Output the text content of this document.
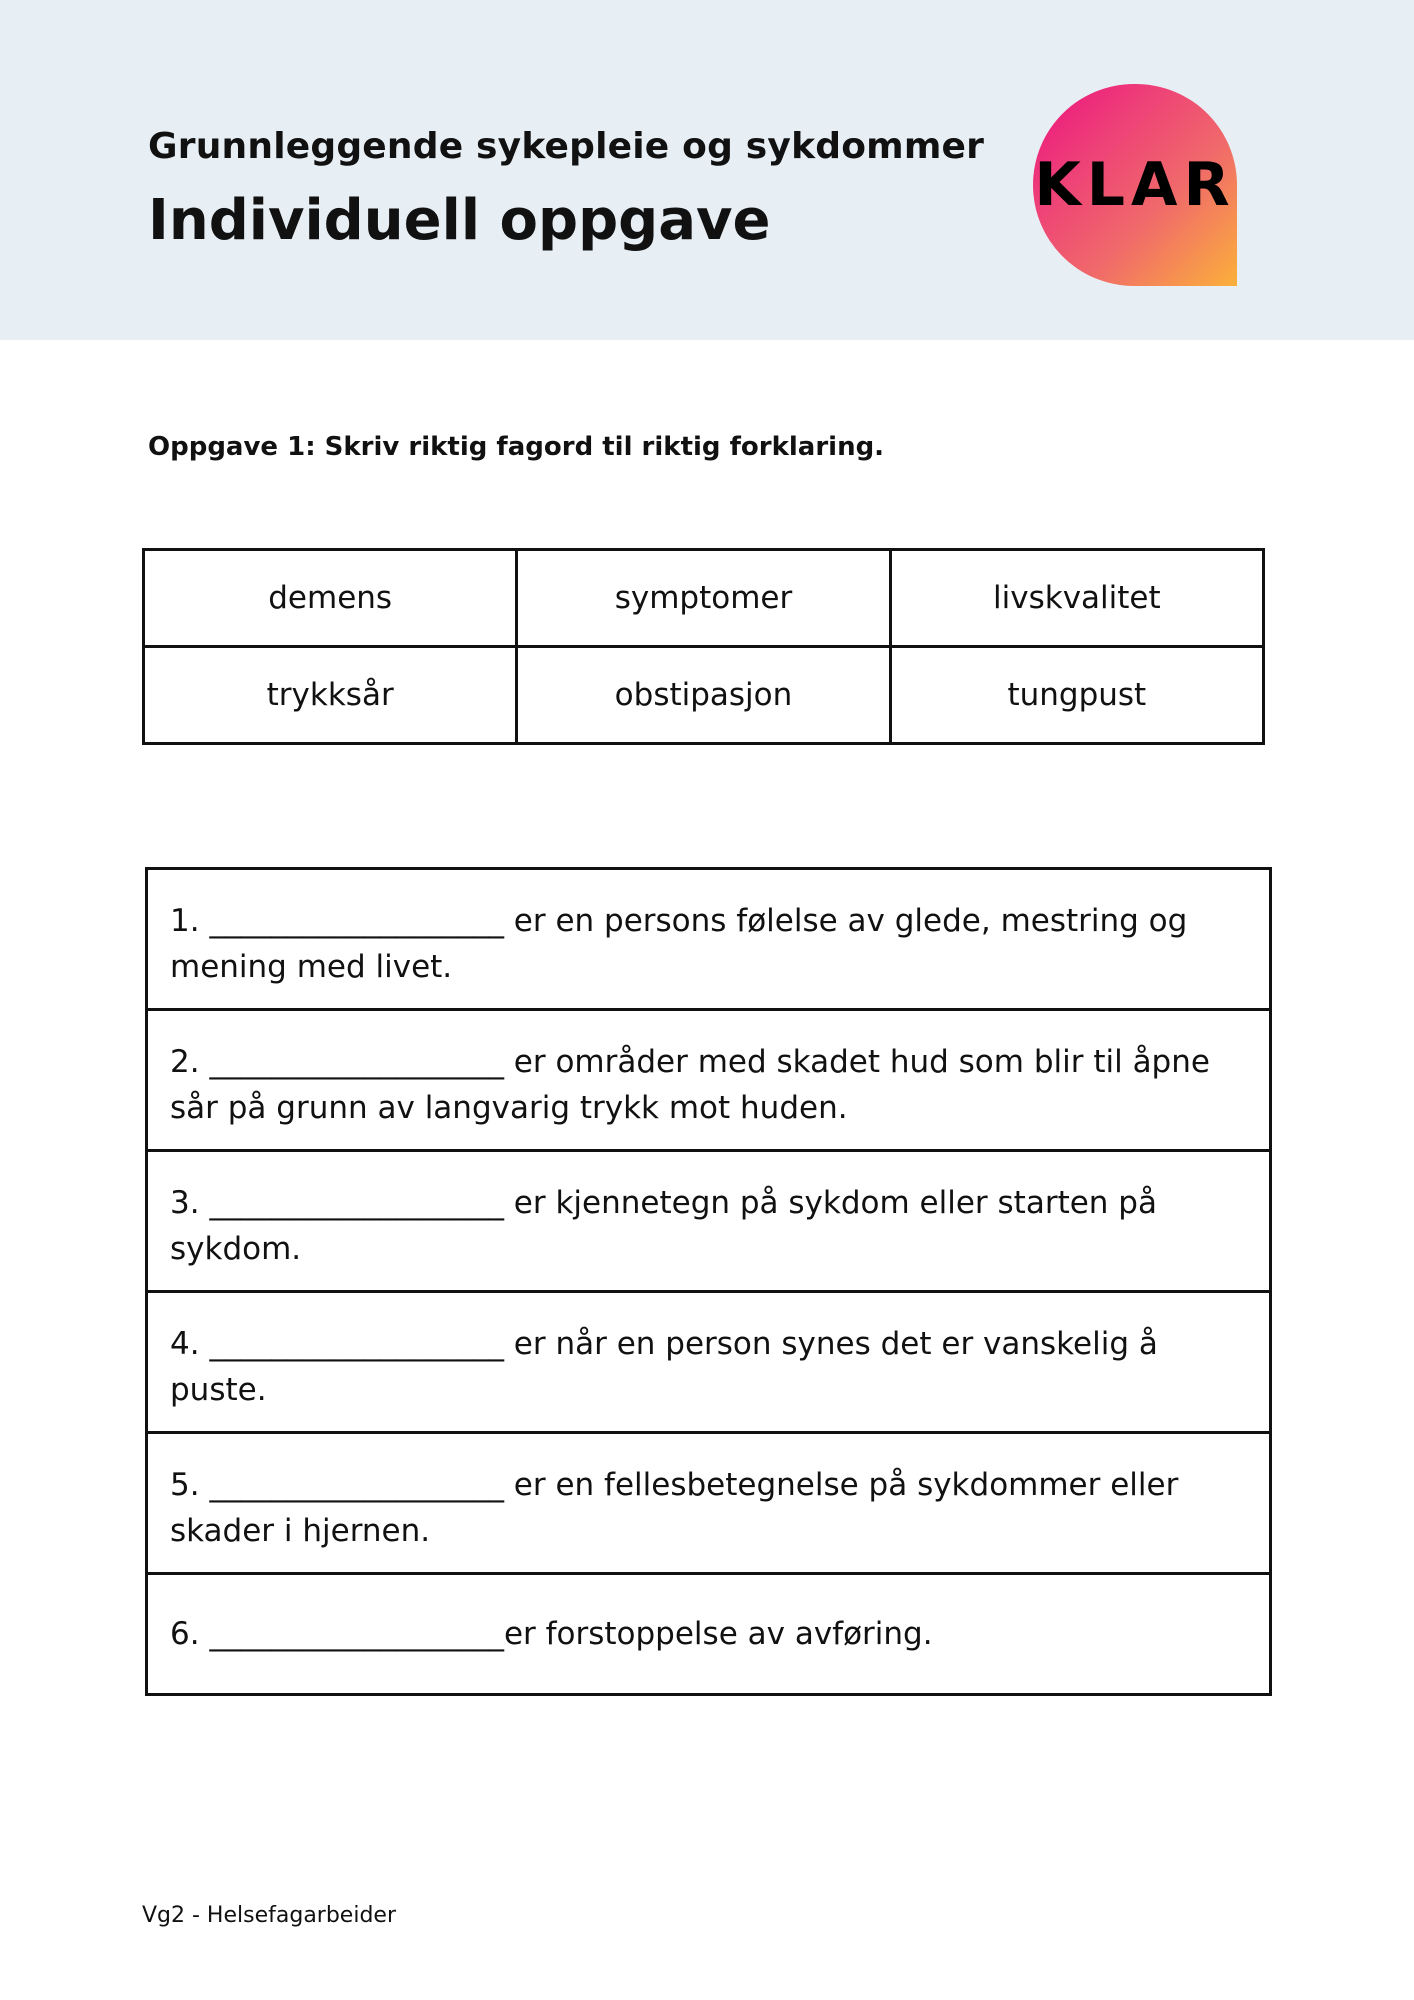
Grunnleggende sykepleie og sykdommer
Individuell oppgave
KLAR
Oppgave 1: Skriv riktig fagord til riktig forklaring.
demens	symptomer	livskvalitet
trykksår	obstipasjon	tungpust
1. ___________________ er en persons følelse av glede, mestring og mening med livet.
2. ___________________ er områder med skadet hud som blir til åpne sår på grunn av langvarig trykk mot huden.
3. ___________________ er kjennetegn på sykdom eller starten på sykdom.
4. ___________________ er når en person synes det er vanskelig å puste.
5. ___________________ er en fellesbetegnelse på sykdommer eller skader i hjernen.
6. ___________________er forstoppelse av avføring.
Vg2 - Helsefagarbeider
